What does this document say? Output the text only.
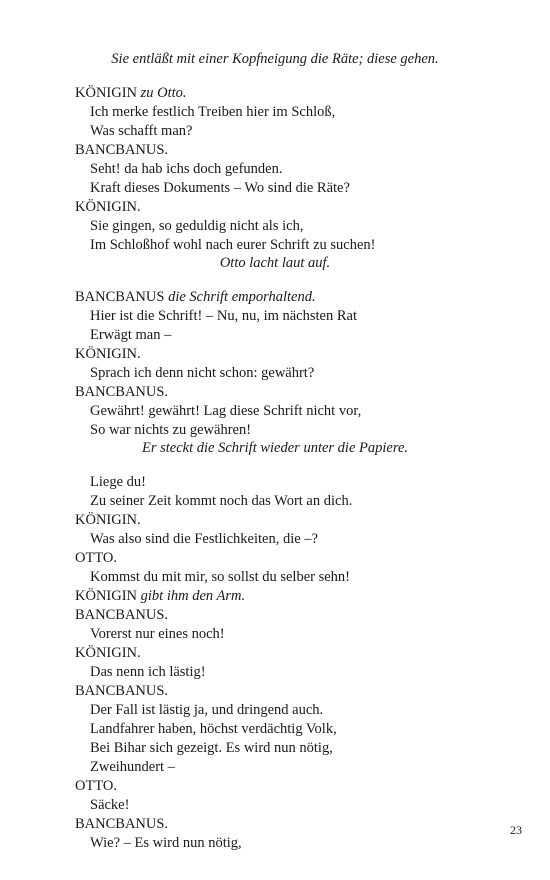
Sie entläßt mit einer Kopfneigung die Räte; diese gehen.
KÖNIGIN zu Otto.
Ich merke festlich Treiben hier im Schloß,
Was schafft man?
BANCBANUS.
Seht! da hab ichs doch gefunden.
Kraft dieses Dokuments – Wo sind die Räte?
KÖNIGIN.
Sie gingen, so geduldig nicht als ich,
Im Schloßhof wohl nach eurer Schrift zu suchen!
Otto lacht laut auf.
BANCBANUS die Schrift emporhaltend.
Hier ist die Schrift! – Nu, nu, im nächsten Rat
Erwägt man –
KÖNIGIN.
Sprach ich denn nicht schon: gewährt?
BANCBANUS.
Gewährt! gewährt! Lag diese Schrift nicht vor,
So war nichts zu gewähren!
Er steckt die Schrift wieder unter die Papiere.
Liege du!
Zu seiner Zeit kommt noch das Wort an dich.
KÖNIGIN.
Was also sind die Festlichkeiten, die –?
OTTO.
Kommst du mit mir, so sollst du selber sehn!
KÖNIGIN gibt ihm den Arm.
BANCBANUS.
Vorerst nur eines noch!
KÖNIGIN.
Das nenn ich lästig!
BANCBANUS.
Der Fall ist lästig ja, und dringend auch.
Landfahrer haben, höchst verdächtig Volk,
Bei Bihar sich gezeigt. Es wird nun nötig,
Zweihundert –
OTTO.
Säcke!
BANCBANUS.
Wie? – Es wird nun nötig,
23
